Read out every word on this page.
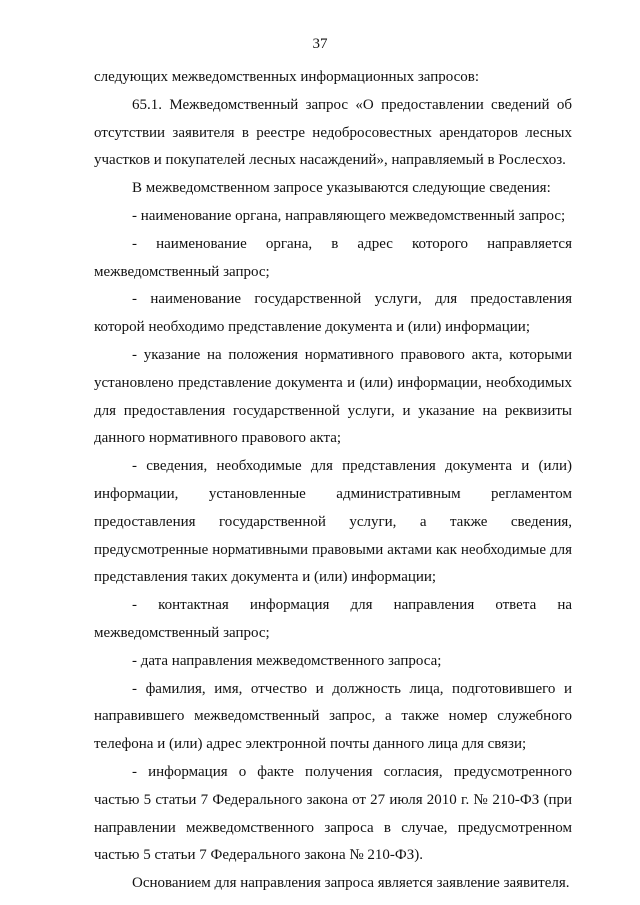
37

следующих межведомственных информационных запросов:

65.1. Межведомственный запрос «О предоставлении сведений об отсутствии заявителя в реестре недобросовестных арендаторов лесных участков и покупателей лесных насаждений», направляемый в Рослесхоз.

В межведомственном запросе указываются следующие сведения:

- наименование органа, направляющего межведомственный запрос;

- наименование органа, в адрес которого направляется межведомственный запрос;

- наименование государственной услуги, для предоставления которой необходимо представление документа и (или) информации;

- указание на положения нормативного правового акта, которыми установлено представление документа и (или) информации, необходимых для предоставления государственной услуги, и указание на реквизиты данного нормативного правового акта;

- сведения, необходимые для представления документа и (или) информации, установленные административным регламентом предоставления государственной услуги, а также сведения, предусмотренные нормативными правовыми актами как необходимые для представления таких документа и (или) информации;

- контактная информация для направления ответа на межведомственный запрос;

- дата направления межведомственного запроса;

- фамилия, имя, отчество и должность лица, подготовившего и направившего межведомственный запрос, а также номер служебного телефона и (или) адрес электронной почты данного лица для связи;

- информация о факте получения согласия, предусмотренного частью 5 статьи 7 Федерального закона от 27 июля 2010 г. № 210-ФЗ (при направлении межведомственного запроса в случае, предусмотренном частью 5 статьи 7 Федерального закона № 210-ФЗ).

Основанием для направления запроса является заявление заявителя.
